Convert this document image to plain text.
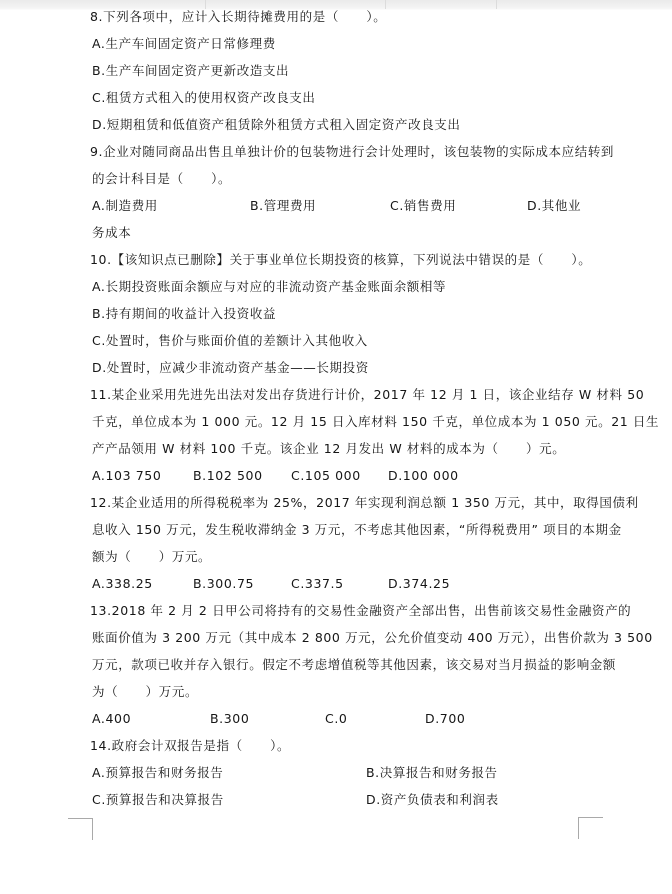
8.下列各项中，应计入长期待摊费用的是（      ）。
A.生产车间固定资产日常修理费
B.生产车间固定资产更新改造支出
C.租赁方式租入的使用权资产改良支出
D.短期租赁和低值资产租赁除外租赁方式租入固定资产改良支出
9.企业对随同商品出售且单独计价的包装物进行会计处理时，该包装物的实际成本应结转到
的会计科目是（      ）。

A.制造费用

	B.管理费用

	C.销售费用

	D.其他业

务成本
10.【该知识点已删除】关于事业单位长期投资的核算，下列说法中错误的是（      ）。
A.长期投资账面余额应与对应的非流动资产基金账面余额相等
B.持有期间的收益计入投资收益
C.处置时，售价与账面价值的差额计入其他收入
D.处置时，应减少非流动资产基金——长期投资
11.某企业采用先进先出法对发出存货进行计价，2017 年 12 月 1 日，该企业结存 W 材料 50
千克，单位成本为 1 000 元。12 月 15 日入库材料 150 千克，单位成本为 1 050 元。21 日生
产产品领用 W 材料 100 千克。该企业 12 月发出 W 材料的成本为（      ）元。

A.103 750

	B.102 500

C.105 000

D.100 000

12.某企业适用的所得税税率为 25%，2017 年实现利润总额 1 350 万元，其中，取得国债利
息收入 150 万元，发生税收滞纳金 3 万元，不考虑其他因素，“所得税费用” 项目的本期金
额为（      ）万元。

A.338.25

	B.300.75

	C.337.5

	D.374.25

13.2018 年 2 月 2 日甲公司将持有的交易性金融资产全部出售，出售前该交易性金融资产的
账面价值为 3 200 万元（其中成本 2 800 万元，公允价值变动 400 万元），出售价款为 3 500
万元，款项已收并存入银行。假定不考虑增值税等其他因素，该交易对当月损益的影响金额
为（      ）万元。

A.400

	B.300

	C.0

	D.700

14.政府会计双报告是指（      ）。

A.预算报告和财务报告

	B.决算报告和财务报告

C.预算报告和决算报告

	D.资产负债表和利润表
